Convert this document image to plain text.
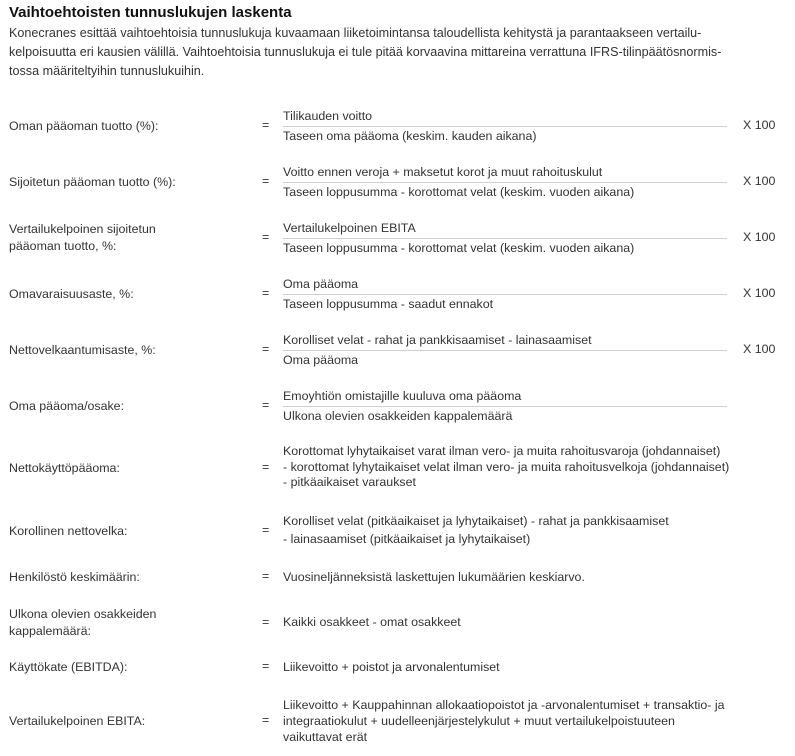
Vaihtoehtoisten tunnuslukujen laskenta
Konecranes esittää vaihtoehtoisia tunnuslukuja kuvaamaan liiketoimintansa taloudellista kehitystä ja parantaakseen vertailu-
kelpoisuutta eri kausien välillä. Vaihtoehtoisia tunnuslukuja ei tule pitää korvaavina mittareina verrattuna IFRS-tilinpäätösnormis-
tossa määriteltyihin tunnuslukuihin.
Oman pääoman tuotto (%):	=
Tilikauden voitto
Taseen oma pääoma (keskim. kauden aikana)
X 100
Sijoitetun pääoman tuotto (%):	=
Voitto ennen veroja + maksetut korot ja muut rahoituskulut
Taseen loppusumma - korottomat velat (keskim. vuoden aikana)
X 100
Vertailukelpoinen sijoitetun
pääoman tuotto, %:
=
Vertailukelpoinen EBITA
Taseen loppusumma - korottomat velat (keskim. vuoden aikana)
X 100
Omavaraisuusaste, %:	=
Oma pääoma
Taseen loppusumma - saadut ennakot
X 100
Nettovelkaantumisaste, %:	=
Korolliset velat - rahat ja pankkisaamiset - lainasaamiset
Oma pääoma
X 100
Oma pääoma/osake:	=
Emoyhtiön omistajille kuuluva oma pääoma
Ulkona olevien osakkeiden kappalemäärä
Nettokäyttöpääoma:	=
Korottomat lyhytaikaiset varat ilman vero- ja muita rahoitusvaroja (johdannaiset)
- korottomat lyhytaikaiset velat ilman vero- ja muita rahoitusvelkoja (johdannaiset)
- pitkäaikaiset varaukset
Korollinen nettovelka:	=
Korolliset velat (pitkäaikaiset ja lyhytaikaiset) - rahat ja pankkisaamiset
- lainasaamiset (pitkäaikaiset ja lyhytaikaiset)
Henkilöstö keskimäärin:	= Vuosineljänneksistä laskettujen lukumäärien keskiarvo.
Ulkona olevien osakkeiden
kappalemäärä:
= Kaikki osakkeet - omat osakkeet
Käyttökate (EBITDA):	= Liikevoitto + poistot ja arvonalentumiset
Vertailukelpoinen EBITA:	=
Liikevoitto + Kauppahinnan allokaatiopoistot ja -arvonalentumiset + transaktio- ja
integraatiokulut + uudelleenjärjestelykulut + muut vertailukelpoistuuteen
vaikuttavat erät
